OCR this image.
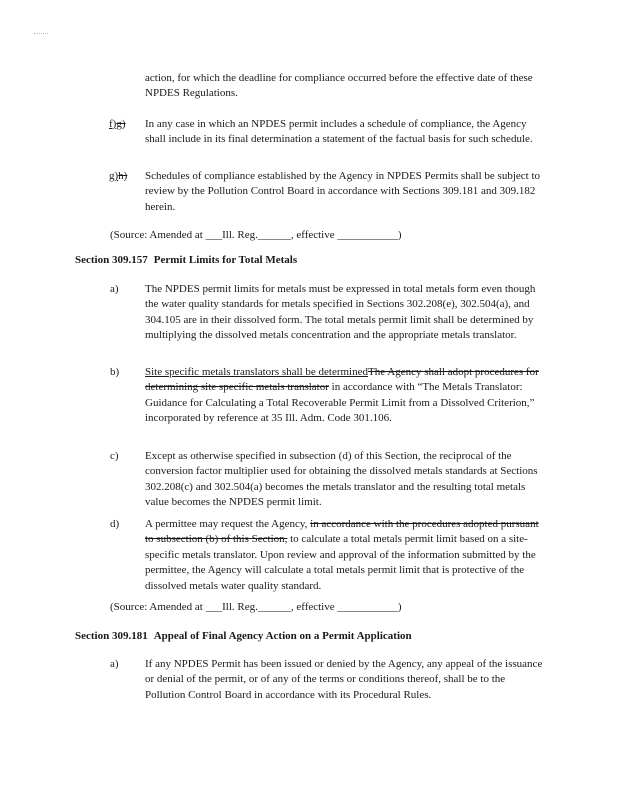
action, for which the deadline for compliance occurred before the effective date of these NPDES Regulations.

f)g) In any case in which an NPDES permit includes a schedule of compliance, the Agency shall include in its final determination a statement of the factual basis for such schedule.

g)h) Schedules of compliance established by the Agency in NPDES Permits shall be subject to review by the Pollution Control Board in accordance with Sections 309.181 and 309.182 herein.

(Source: Amended at ___Ill. Reg.______, effective ___________)

Section 309.157 Permit Limits for Total Metals
a) The NPDES permit limits for metals must be expressed in total metals form even though the water quality standards for metals specified in Sections 302.208(e), 302.504(a), and 304.105 are in their dissolved form. The total metals permit limit shall be determined by multiplying the dissolved metals concentration and the appropriate metals translator.

b) Site specific metals translators shall be determinedThe Agency shall adopt procedures for determining site specific metals translator in accordance with “The Metals Translator: Guidance for Calculating a Total Recoverable Permit Limit from a Dissolved Criterion,” incorporated by reference at 35 Ill. Adm. Code 301.106.

c) Except as otherwise specified in subsection (d) of this Section, the reciprocal of the conversion factor multiplier used for obtaining the dissolved metals standards at Sections 302.208(c) and 302.504(a) becomes the metals translator and the resulting total metals value becomes the NPDES permit limit.

d) A permittee may request the Agency, in accordance with the procedures adopted pursuant to subsection (b) of this Section, to calculate a total metals permit limit based on a site-specific metals translator. Upon review and approval of the information submitted by the permittee, the Agency will calculate a total metals permit limit that is protective of the dissolved metals water quality standard.

(Source: Amended at ___Ill. Reg.______, effective ___________)

Section 309.181 Appeal of Final Agency Action on a Permit Application
a) If any NPDES Permit has been issued or denied by the Agency, any appeal of the issuance or denial of the permit, or of any of the terms or conditions thereof, shall be to the Pollution Control Board in accordance with its Procedural Rules.
